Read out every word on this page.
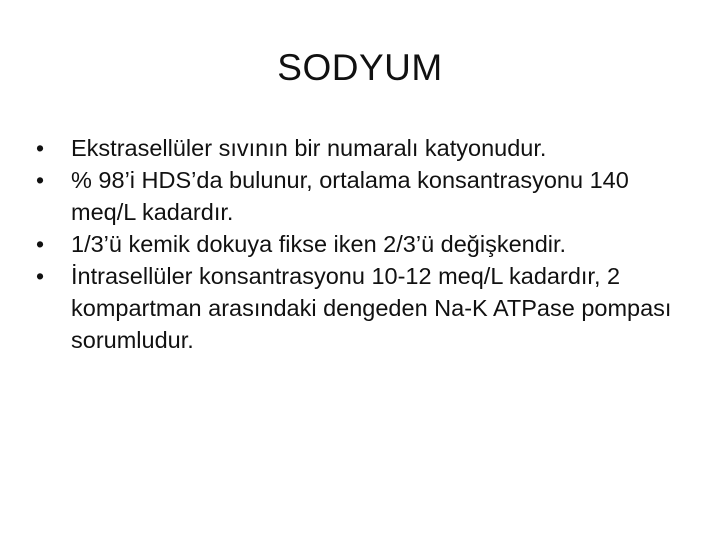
SODYUM
•	Ekstrasellüler sıvının bir numaralı katyonudur.
•	% 98’i HDS’da bulunur, ortalama konsantrasyonu 140 meq/L kadardır.
•	1/3’ü kemik dokuya fikse iken 2/3’ü değişkendir.
•	İntrasellüler konsantrasyonu 10-12 meq/L kadardır, 2 kompartman arasındaki dengeden Na-K ATPase pompası sorumludur.
